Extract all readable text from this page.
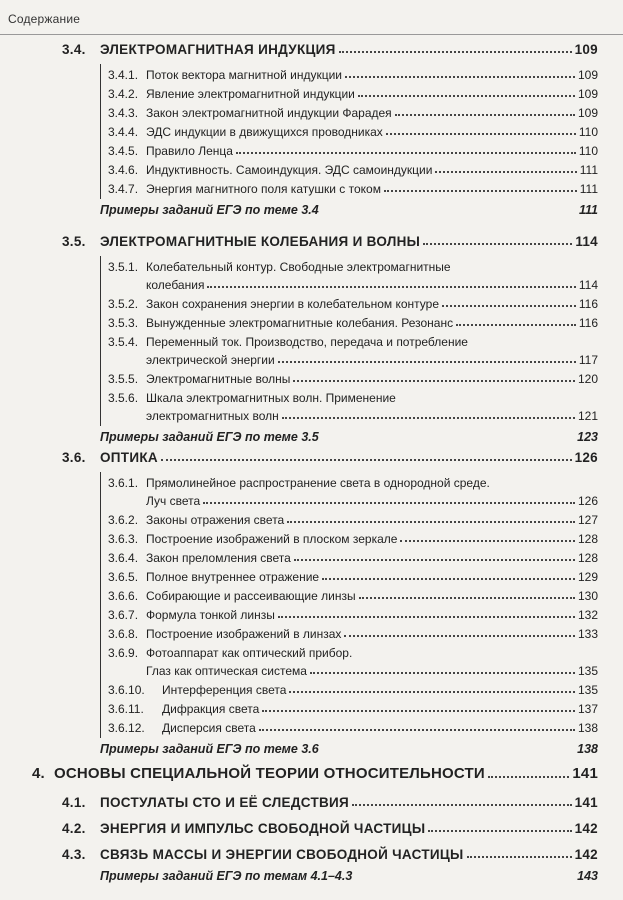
Содержание
3.4. ЭЛЕКТРОМАГНИТНАЯ ИНДУКЦИЯ	109
3.4.1. Поток вектора магнитной индукции	109
3.4.2. Явление электромагнитной индукции	109
3.4.3. Закон электромагнитной индукции Фарадея	109
3.4.4. ЭДС индукции в движущихся проводниках	110
3.4.5. Правило Ленца	110
3.4.6. Индуктивность. Самоиндукция. ЭДС самоиндукции	111
3.4.7. Энергия магнитного поля катушки с током	111
Примеры заданий ЕГЭ по теме 3.4	111
3.5. ЭЛЕКТРОМАГНИТНЫЕ КОЛЕБАНИЯ И ВОЛНЫ	114
3.5.1. Колебательный контур. Свободные электромагнитные
колебания	114
3.5.2. Закон сохранения энергии в колебательном контуре	116
3.5.3. Вынужденные электромагнитные колебания. Резонанс	116
3.5.4. Переменный ток. Производство, передача и потребление
электрической энергии	117
3.5.5. Электромагнитные волны	120
3.5.6. Шкала электромагнитных волн. Применение
электромагнитных волн	121
Примеры заданий ЕГЭ по теме 3.5	123
3.6. ОПТИКА	126
3.6.1. Прямолинейное распространение света в однородной среде.
Луч света	126
3.6.2. Законы отражения света	127
3.6.3. Построение изображений в плоском зеркале	128
3.6.4. Закон преломления света	128
3.6.5. Полное внутреннее отражение	129
3.6.6. Собирающие и рассеивающие линзы	130
3.6.7. Формула тонкой линзы	132
3.6.8. Построение изображений в линзах	133
3.6.9. Фотоаппарат как оптический прибор.
Глаз как оптическая система	135
3.6.10. Интерференция света	135
3.6.11. Дифракция света	137
3.6.12. Дисперсия света	138
Примеры заданий ЕГЭ по теме 3.6	138
4. ОСНОВЫ СПЕЦИАЛЬНОЙ ТЕОРИИ ОТНОСИТЕЛЬНОСТИ	141
4.1. ПОСТУЛАТЫ СТО И ЕЁ СЛЕДСТВИЯ	141
4.2. ЭНЕРГИЯ И ИМПУЛЬС СВОБОДНОЙ ЧАСТИЦЫ	142
4.3. СВЯЗЬ МАССЫ И ЭНЕРГИИ СВОБОДНОЙ ЧАСТИЦЫ	142
Примеры заданий ЕГЭ по темам 4.1–4.3	143
